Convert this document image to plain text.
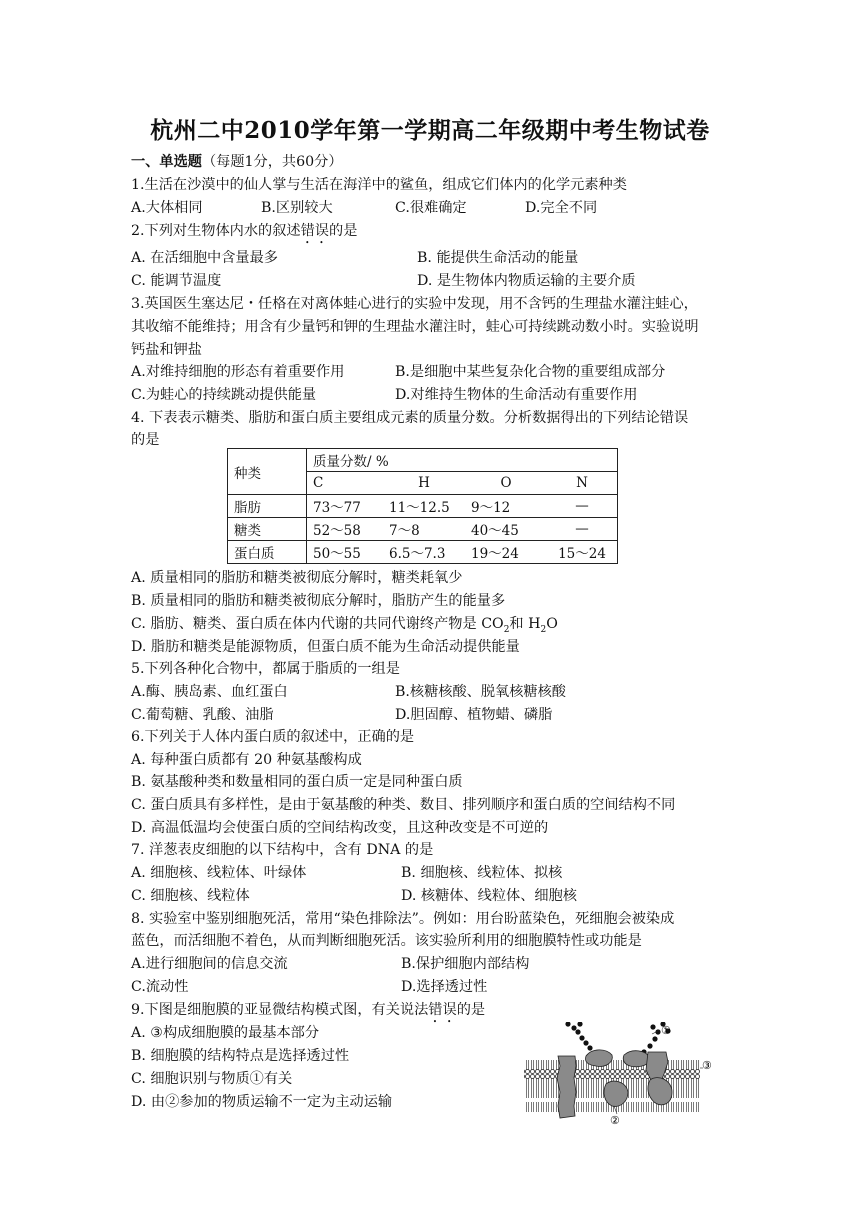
杭州二中2010学年第一学期高二年级期中考生物试卷
一、单选题（每题1分，共60分）
1.生活在沙漠中的仙人掌与生活在海洋中的鲨鱼，组成它们体内的化学元素种类
A.大体相同	B.区别较大	C.很难确定	D.完全不同
2.下列对生物体内水的叙述错误的是
A. 在活细胞中含量最多	B. 能提供生命活动的能量
C. 能调节温度	D. 是生物体内物质运输的主要介质
3.英国医生塞达尼・任格在对离体蛙心进行的实验中发现，用不含钙的生理盐水灌注蛙心，
其收缩不能维持；用含有少量钙和钾的生理盐水灌注时，蛙心可持续跳动数小时。实验说明
钙盐和钾盐
A.对维持细胞的形态有着重要作用	B.是细胞中某些复杂化合物的重要组成部分
C.为蛙心的持续跳动提供能量	D.对维持生物体的生命活动有重要作用
4. 下表表示糖类、脂肪和蛋白质主要组成元素的质量分数。分析数据得出的下列结论错误
的是
种类	质量分数/ %			
	C	H	O	N
脂肪	73～77	11～12.5	9～12	—
糖类	52～58	7～8	40～45	—
蛋白质	50～55	6.5～7.3	19～24	15～24
A. 质量相同的脂肪和糖类被彻底分解时，糖类耗氧少
B. 质量相同的脂肪和糖类被彻底分解时，脂肪产生的能量多
C. 脂肪、糖类、蛋白质在体内代谢的共同代谢终产物是 $CO_2$和 $H_2O$
D. 脂肪和糖类是能源物质，但蛋白质不能为生命活动提供能量
5.下列各种化合物中，都属于脂质的一组是
A.酶、胰岛素、血红蛋白	B.核糖核酸、脱氧核糖核酸
C.葡萄糖、乳酸、油脂	D.胆固醇、植物蜡、磷脂
6.下列关于人体内蛋白质的叙述中，正确的是
A. 每种蛋白质都有 20 种氨基酸构成
B. 氨基酸种类和数量相同的蛋白质一定是同种蛋白质
C. 蛋白质具有多样性，是由于氨基酸的种类、数目、排列顺序和蛋白质的空间结构不同
D. 高温低温均会使蛋白质的空间结构改变，且这种改变是不可逆的
7. 洋葱表皮细胞的以下结构中，含有 DNA 的是
A. 细胞核、线粒体、叶绿体	B. 细胞核、线粒体、拟核
C. 细胞核、线粒体	D. 核糖体、线粒体、细胞核
8. 实验室中鉴别细胞死活，常用“染色排除法”。例如：用台盼蓝染色，死细胞会被染成
蓝色，而活细胞不着色，从而判断细胞死活。该实验所利用的细胞膜特性或功能是
A.进行细胞间的信息交流	B.保护细胞内部结构
C.流动性	D.选择透过性
9.下图是细胞膜的亚显微结构模式图，有关说法错误的是
A. ③构成细胞膜的最基本部分
B. 细胞膜的结构特点是选择透过性
C. 细胞识别与物质①有关
D. 由②参加的物质运输不一定为主动运输
①
③
②
